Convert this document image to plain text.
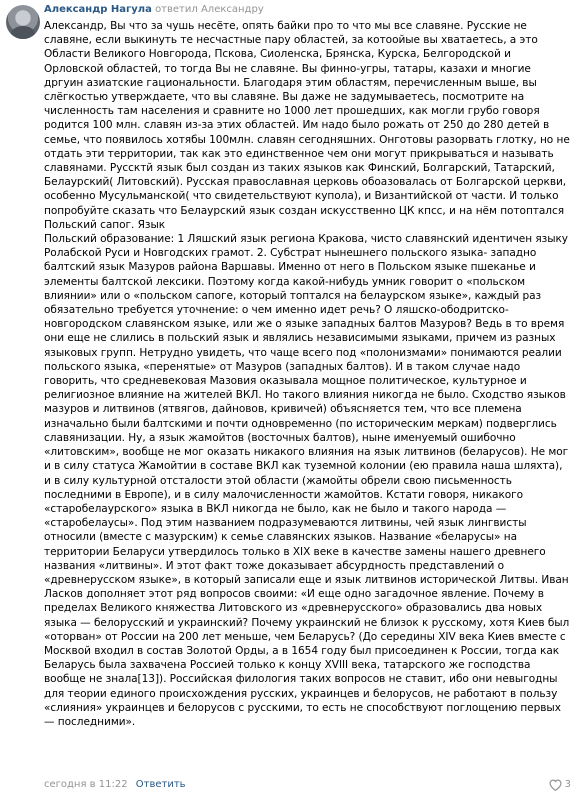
Александр Нагула ответил Александру
Александр, Вы что за чушь несёте, опять байки про то что мы все славяне. Русские не славяне, если выкинуть те несчастные пару областей, за котоойые вы хватаетесь, а это Области Великого Новгорода, Пскова, Сиоленска, Брянска, Курска, Белгородской и Орловской областей, то тогда Вы не славяне. Вы финно-угры, татары, казахи и многие дргуин азиатские гациональности. Благодаря этим областям, перечисленным выше, вы слёгкостью утверждаете, что вы славяне. Вы даже не задумываетесь, посмотрите на численность там населения и сравните но 1000 лет прошедших, как могли грубо говоря родится 100 млн. славян из-за этих областей. Им надо было рожать от 250 до 280 детей в семье, что появилось хотябы 100млн. славян сегодняшних. Онготовы разорвать глотку, но не отдать эти территории, так как это единственное чем они могут прикрываться и называть славянами. Руссктй язык был создан из таких языков как Финский, Болгарский, Татарский,
Белаурский( Литовский). Русская православная церковь обоазовалась от Болгарской церкви, особенно Мусульманской( что свидетельствуют купола), и Византийской от части. И только попробуйте сказать что Белаурский язык создан искусственно ЦК кпсс, и на нём потоптался Польский сапог. Язык
Польский образование: 1 Ляшский язык региона Кракова, чисто славянский идентичен языку Ролабской Руси и Новгодских грамот. 2. Субстрат нынешнего польского языка- западно балтский язык Мазуров района Варшавы. Именно от него в Польском языке пшеканье и элементы балтской лексики. Поэтому когда какой-нибудь умник говорит о «польском влиянии» или о «польском сапоге, который топтался на белаурском языке», каждый раз обязательно требуется уточнение: о чем именно идет речь? О ляшско-ободритско-новгородском славянском языке, или же о языке западных балтов Мазуров? Ведь в то время они еще не слились в польский язык и являлись независимыми языками, причем из разных языковых групп. Нетрудно увидеть, что чаще всего под «полонизмами» понимаются реалии польского языка, «перенятые» от Мазуров (западных балтов). И в таком случае надо говорить, что средневековая Мазовия оказывала мощное политическое, культурное и религиозное влияние на жителей ВКЛ. Но такого влияния никогда не было. Сходство языков мазуров и литвинов (ятвягов, дайновов, кривичей) объясняется тем, что все племена изначально были балтскими и почти одновременно (по историческим меркам) подверглись славянизации. Ну, а язык жамойтов (восточных балтов), ныне именуемый ошибочно «литовским», вообще не мог оказать никакого влияния на язык литвинов (беларусов). Не мог и в силу статуса Жамойтии в составе ВКЛ как туземной колонии (ею правила наша шляхта), и в силу культурной отсталости этой области (жамойты обрели свою письменность последними в Европе), и в силу малочисленности жамойтов. Кстати говоря, никакого «старобелаурского» языка в ВКЛ никогда не было, как не было и такого народа — «старобелаусы». Под этим названием подразумеваются литвины, чей язык лингвисты относили (вместе с мазурским) к семье славянских языков. Название «беларусы» на территории Беларуси утвердилось только в XIX веке в качестве замены нашего древнего названия «литвины». И этот факт тоже доказывает абсурдность представлений о «древнерусском языке», в который записали еще и язык литвинов исторической Литвы. Иван Ласков дополняет этот ряд вопросов своими: «И еще одно загадочное явление. Почему в пределах Великого княжества Литовского из «древнерусского» образовались два новых языка — белорусский и украинский? Почему украинский не близок к русскому, хотя Киев был «оторван» от России на 200 лет меньше, чем Беларусь? (До середины XIV века Киев вместе с Москвой входил в состав Золотой Орды, а в 1654 году был присоединен к России, тогда как Беларусь была захвачена Россией только к концу XVIII века, татарского же господства вообще не знала[13]). Российская филология таких вопросов не ставит, ибо они невыгодны для теории единого происхождения русских, украинцев и белорусов, не работают в пользу «слияния» украинцев и белорусов с русскими, то есть не способствуют поглощению первых — последними».
сегодня в 11:22 Ответить	3
